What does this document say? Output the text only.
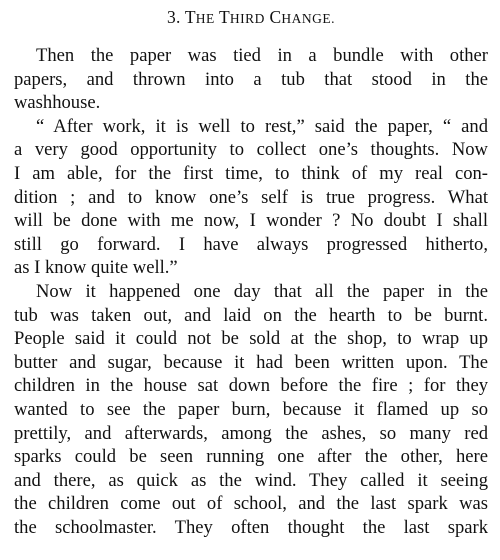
3. THE THIRD CHANGE.
Then the paper was tied in a bundle with other
papers, and thrown into a tub that stood in the
washhouse.
“ After work, it is well to rest,” said the paper, “ and
a very good opportunity to collect one’s thoughts. Now
I am able, for the first time, to think of my real con-
dition ; and to know one’s self is true progress. What
will be done with me now, I wonder ? No doubt I shall
still go forward. I have always progressed hitherto,
as I know quite well.”
Now it happened one day that all the paper in the
tub was taken out, and laid on the hearth to be burnt.
People said it could not be sold at the shop, to wrap up
butter and sugar, because it had been written upon. The
children in the house sat down before the fire ; for they
wanted to see the paper burn, because it flamed up so
prettily, and afterwards, among the ashes, so many red
sparks could be seen running one after the other, here
and there, as quick as the wind. They called it seeing
the children come out of school, and the last spark was
the schoolmaster. They often thought the last spark
